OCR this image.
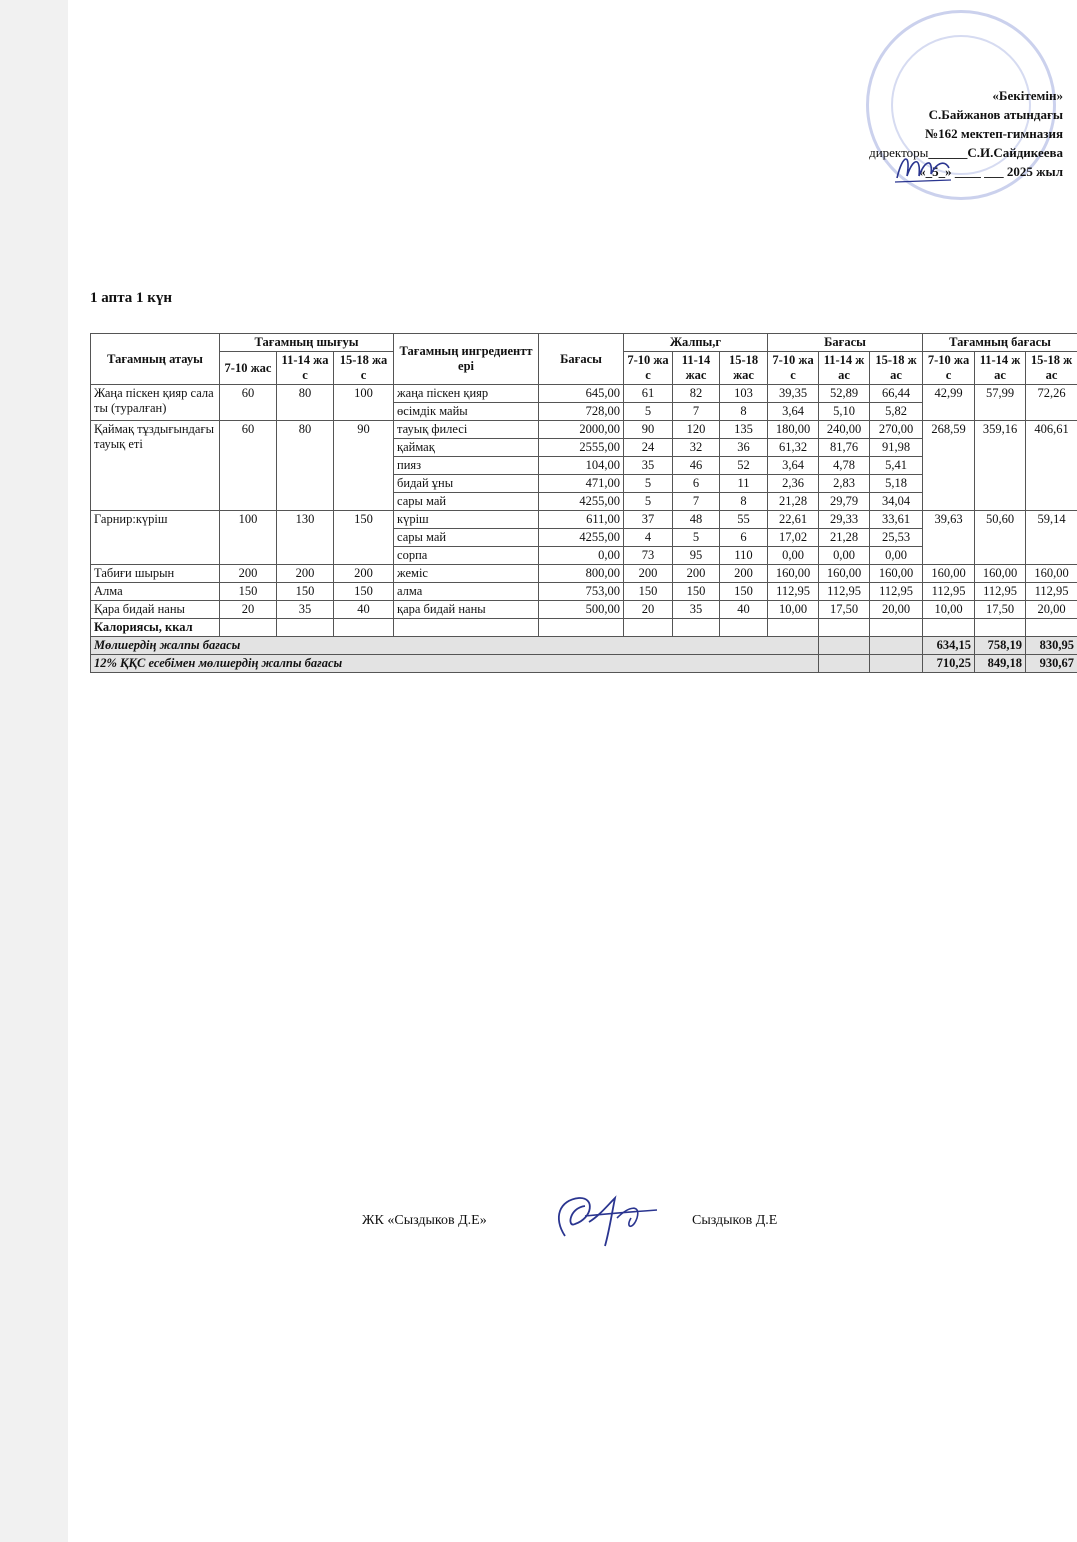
«Бекітемін»
С.Байжанов атындағы
№162 мектеп-гимназия
директоры______С.И.Сайдикеева
«_5_» ____ ___ 2025 жыл
1 апта 1 күн
Тағамның атауы	Тағамның шығуы			Тағамның ингредиенттері	Бағасы	Жалпы,г			Бағасы			Тағамның бағасы		
	7-10 жас	11-14 жас	15-18 жас			7-10 жас	11-14 жас	15-18 жас	7-10 жас	11-14 жас	15-18 жас	7-10 жас	11-14 жас	15-18 жас
Жаңа піскен қияр салаты (туралған)	60	80	100	жаңа піскен қияр	645,00	61	82	103	39,35	52,89	66,44	42,99	57,99	72,26
				өсімдік майы	728,00	5	7	8	3,64	5,10	5,82			
Қаймақ тұздығындағы тауық еті	60	80	90	тауық филесі	2000,00	90	120	135	180,00	240,00	270,00	268,59	359,16	406,61
				қаймақ	2555,00	24	32	36	61,32	81,76	91,98			
				пияз	104,00	35	46	52	3,64	4,78	5,41			
				бидай ұны	471,00	5	6	11	2,36	2,83	5,18			
				сары май	4255,00	5	7	8	21,28	29,79	34,04			
Гарнир:күріш	100	130	150	күріш	611,00	37	48	55	22,61	29,33	33,61	39,63	50,60	59,14
				сары май	4255,00	4	5	6	17,02	21,28	25,53			
				сорпа	0,00	73	95	110	0,00	0,00	0,00			
Табиғи шырын	200	200	200	жеміс	800,00	200	200	200	160,00	160,00	160,00	160,00	160,00	160,00
Алма	150	150	150	алма	753,00	150	150	150	112,95	112,95	112,95	112,95	112,95	112,95
Қара бидай наны	20	35	40	қара бидай наны	500,00	20	35	40	10,00	17,50	20,00	10,00	17,50	20,00
Калориясы, ккал														
Мөлшердің жалпы бағасы												634,15	758,19	830,95
12% ҚҚС есебімен мөлшердің жалпы бағасы												710,25	849,18	930,67
ЖК «Сыздыков Д.Е»	Сыздыков Д.Е
